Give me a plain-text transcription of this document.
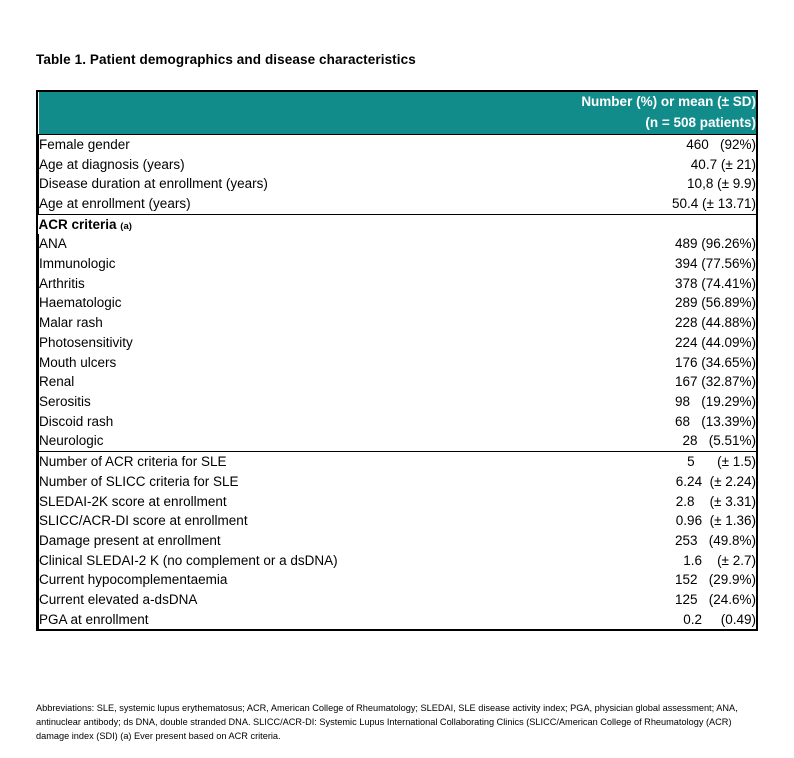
Table 1. Patient demographics and disease characteristics
	Number (%) or mean (± SD)
(n = 508 patients)

Female gender	460   (92%)
Age at diagnosis (years)	40.7 (± 21)
Disease duration at enrollment (years)	10,8 (± 9.9)
Age at enrollment (years)	50.4 (± 13.71)
ACR criteria (a)	
ANA	489 (96.26%)
Immunologic	394 (77.56%)
Arthritis	378 (74.41%)
Haematologic	289 (56.89%)
Malar rash	228 (44.88%)
Photosensitivity	224 (44.09%)
Mouth ulcers	176 (34.65%)
Renal	167 (32.87%)
Serositis	98   (19.29%)
Discoid rash	68   (13.39%)
Neurologic	28   (5.51%)
Number of ACR criteria for SLE	5      (± 1.5)
Number of SLICC criteria for SLE	6.24  (± 2.24)
SLEDAI-2K score at enrollment	2.8    (± 3.31)
SLICC/ACR-DI score at enrollment	0.96  (± 1.36)
Damage present at enrollment	253   (49.8%)
Clinical SLEDAI-2 K (no complement or a dsDNA)	1.6    (± 2.7)
Current hypocomplementaemia	152   (29.9%)
Current elevated a-dsDNA	125   (24.6%)
PGA at enrollment	0.2     (0.49)
Abbreviations: SLE, systemic lupus erythematosus; ACR, American College of Rheumatology; SLEDAI, SLE disease activity index; PGA, physician global assessment; ANA, antinuclear antibody; ds DNA, double stranded DNA. SLICC/ACR-DI: Systemic Lupus International Collaborating Clinics (SLICC/American College of Rheumatology (ACR) damage index (SDI) (a) Ever present based on ACR criteria.
